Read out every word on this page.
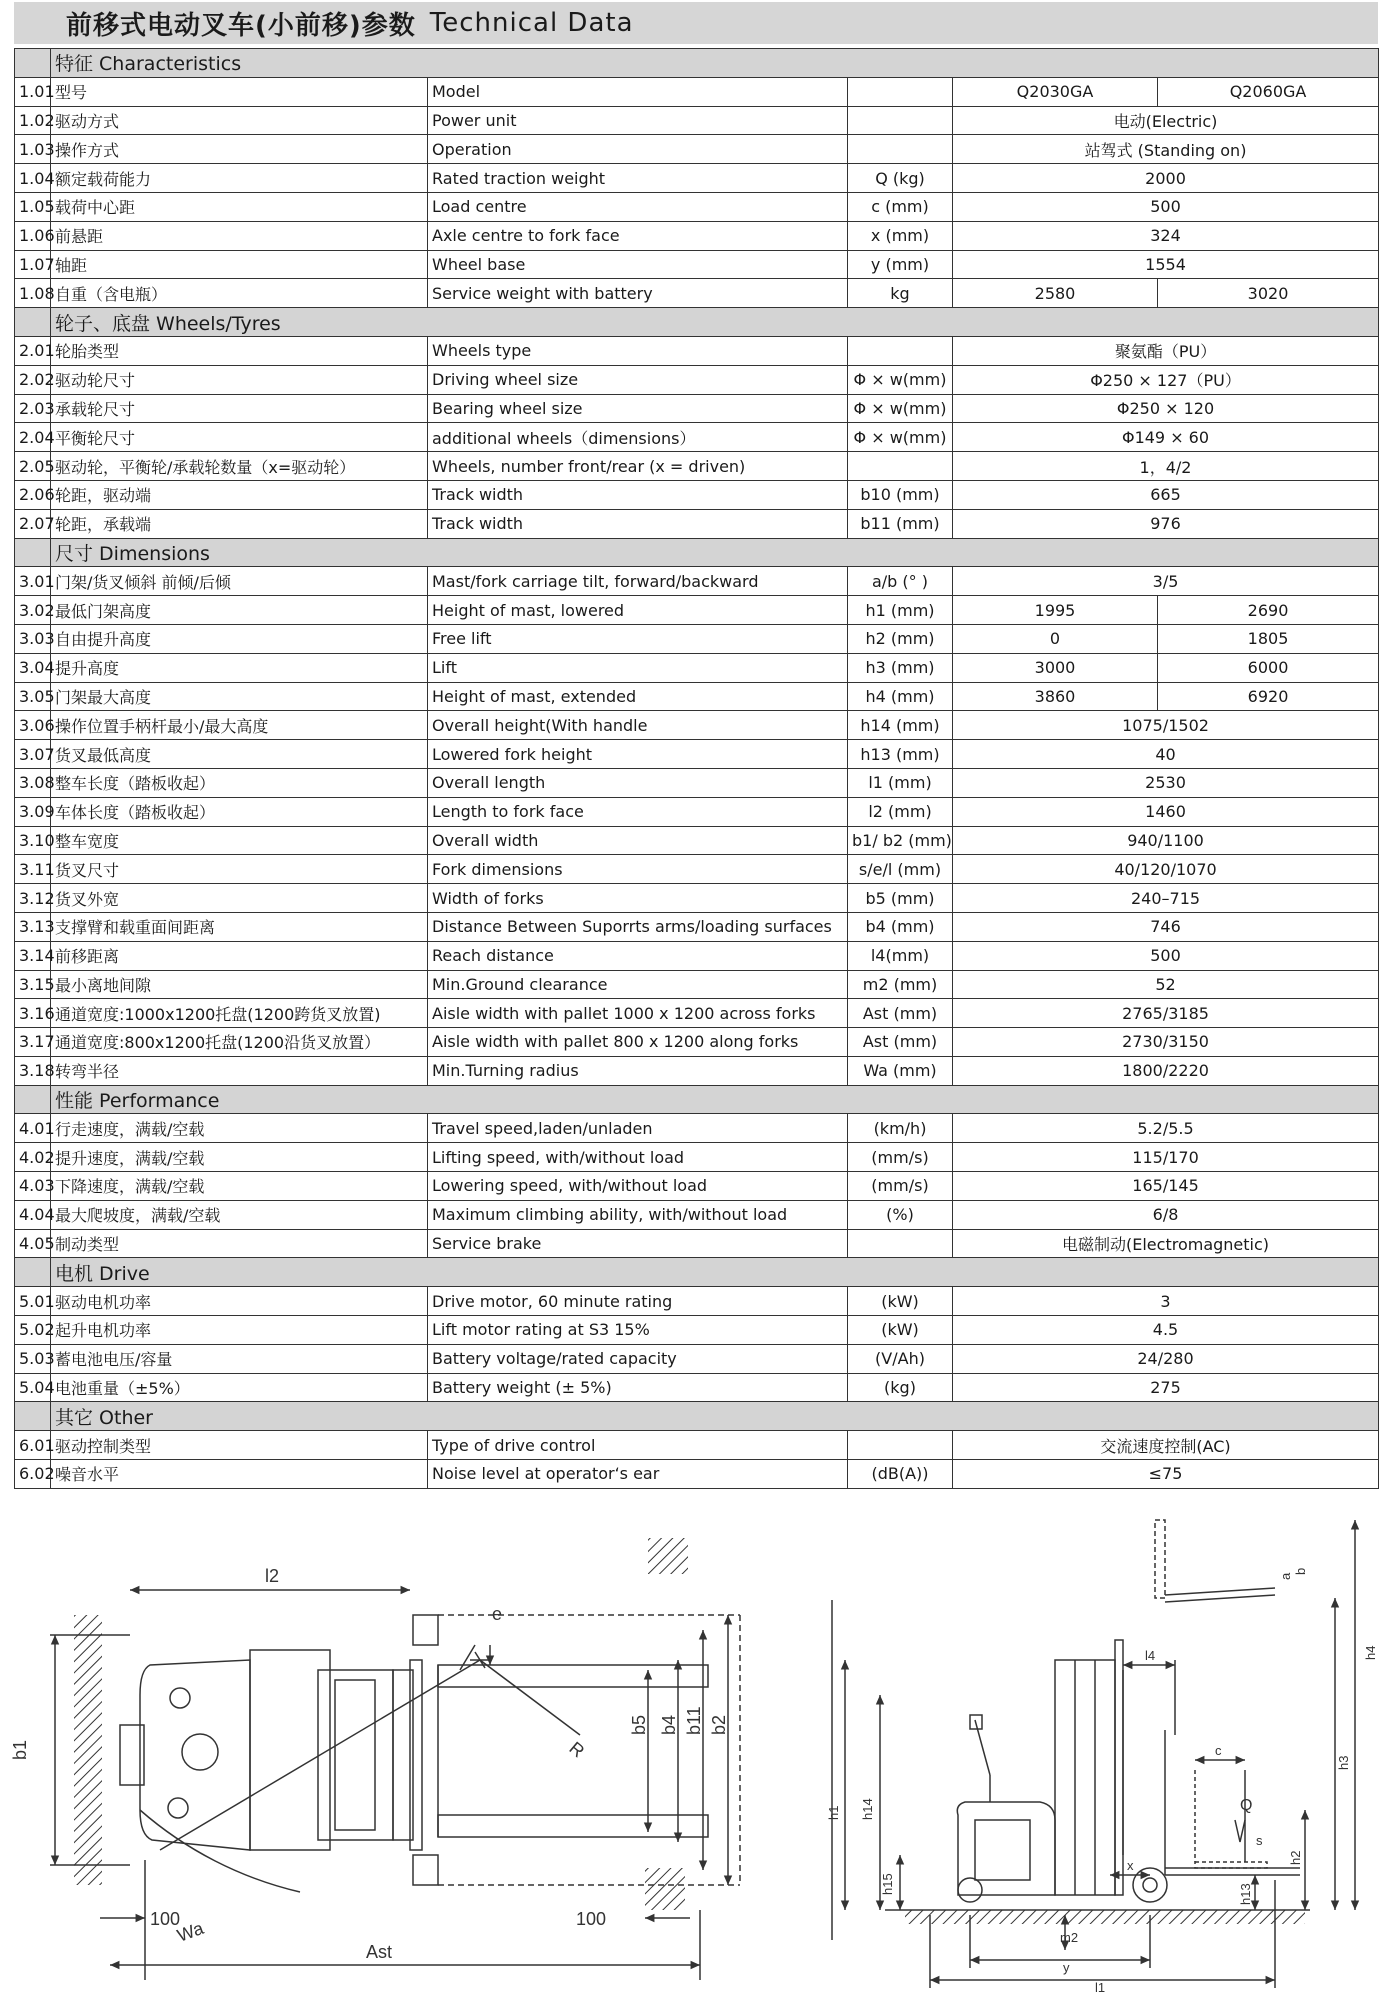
前移式电动叉车(小前移)参数 Technical Data
	特征 Characteristics				
1.01	型号	Model		Q2030GA	Q2060GA
1.02	驱动方式	Power unit		电动(Electric)	
1.03	操作方式	Operation		站驾式 (Standing on)	
1.04	额定载荷能力	Rated traction weight	Q (kg)	2000	
1.05	载荷中心距	Load centre	c (mm)	500	
1.06	前悬距	Axle centre to fork face	x (mm)	324	
1.07	轴距	Wheel base	y (mm)	1554	
1.08	自重（含电瓶）	Service weight with battery	kg	2580	3020
	轮子、底盘 Wheels/Tyres				
2.01	轮胎类型	Wheels type		聚氨酯（PU）	
2.02	驱动轮尺寸	Driving wheel size	Φ × w(mm)	Φ250 × 127（PU）	
2.03	承载轮尺寸	Bearing wheel size	Φ × w(mm)	Φ250 × 120	
2.04	平衡轮尺寸	additional wheels（dimensions）	Φ × w(mm)	Φ149 × 60	
2.05	驱动轮，平衡轮/承载轮数量（x=驱动轮）	Wheels, number front/rear (x = driven)		1，4/2	
2.06	轮距，驱动端	Track width	b10 (mm)	665	
2.07	轮距，承载端	Track width	b11 (mm)	976	
	尺寸 Dimensions				
3.01	门架/货叉倾斜 前倾/后倾	Mast/fork carriage tilt, forward/backward	a/b (° )	3/5	
3.02	最低门架高度	Height of mast, lowered	h1 (mm)	1995	2690
3.03	自由提升高度	Free lift	h2 (mm)	0	1805
3.04	提升高度	Lift	h3 (mm)	3000	6000
3.05	门架最大高度	Height of mast, extended	h4 (mm)	3860	6920
3.06	操作位置手柄杆最小/最大高度	Overall height(With handle	h14 (mm)	1075/1502	
3.07	货叉最低高度	Lowered fork height	h13 (mm)	40	
3.08	整车长度（踏板收起）	Overall length	l1 (mm)	2530	
3.09	车体长度（踏板收起）	Length to fork face	l2 (mm)	1460	
3.10	整车宽度	Overall width	b1/ b2 (mm)	940/1100	
3.11	货叉尺寸	Fork dimensions	s/e/l (mm)	40/120/1070	
3.12	货叉外宽	Width of forks	b5 (mm)	240–715	
3.13	支撑臂和载重面间距离	Distance Between Suporrts arms/loading surfaces	b4 (mm)	746	
3.14	前移距离	Reach distance	l4(mm)	500	
3.15	最小离地间隙	Min.Ground clearance	m2 (mm)	52	
3.16	通道宽度:1000x1200托盘(1200跨货叉放置)	Aisle width with pallet 1000 x 1200 across forks	Ast (mm)	2765/3185	
3.17	通道宽度:800x1200托盘(1200沿货叉放置）	Aisle width with pallet 800 x 1200 along forks	Ast (mm)	2730/3150	
3.18	转弯半径	Min.Turning radius	Wa (mm)	1800/2220	
	性能 Performance				
4.01	行走速度，满载/空载	Travel speed,laden/unladen	(km/h)	5.2/5.5	
4.02	提升速度，满载/空载	Lifting speed, with/without load	(mm/s)	115/170	
4.03	下降速度，满载/空载	Lowering speed, with/without load	(mm/s)	165/145	
4.04	最大爬坡度，满载/空载	Maximum climbing ability, with/without load	(%)	6/8	
4.05	制动类型	Service brake		电磁制动(Electromagnetic)	
	电机 Drive				
5.01	驱动电机功率	Drive motor, 60 minute rating	(kW)	3	
5.02	起升电机功率	Lift motor rating at S3 15%	(kW)	4.5	
5.03	蓄电池电压/容量	Battery voltage/rated capacity	(V/Ah)	24/280	
5.04	电池重量（±5%）	Battery weight (± 5%)	(kg)	275	
	其它 Other				
6.01	驱动控制类型	Type of drive control		交流速度控制(AC)	
6.02	噪音水平	Noise level at operator‘s ear	(dB(A))	≤75	
l2
b1
e
b5 b4 b11 b2
R
Wa
100	100
Ast
h1 h14
h15
h4
h3
h2
h13
l4
c
Q
s
x
m2
y
l1
a
b
